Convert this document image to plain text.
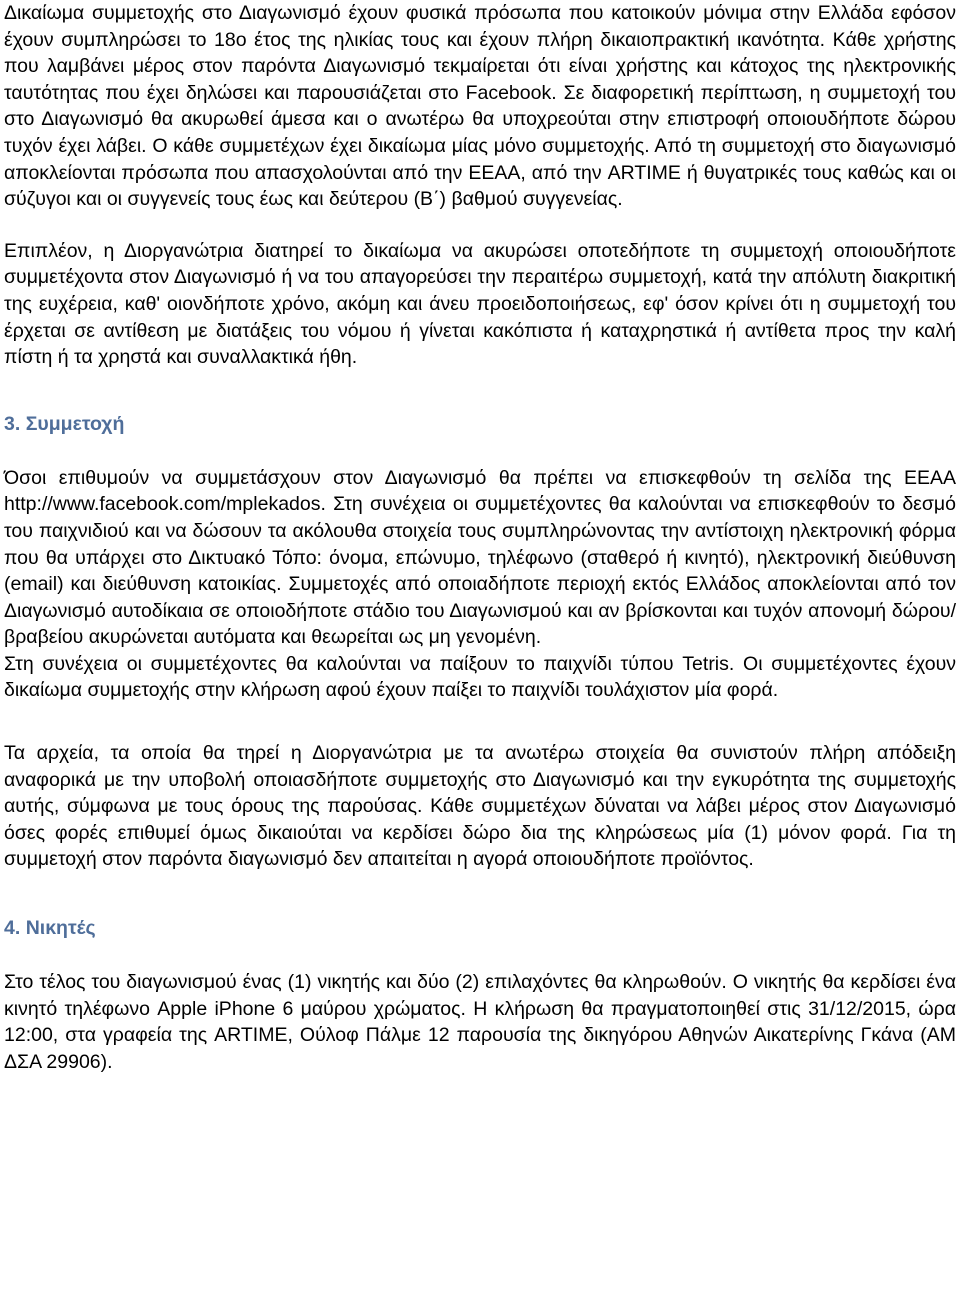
Δικαίωμα συμμετοχής στο Διαγωνισμό έχουν φυσικά πρόσωπα που κατοικούν μόνιμα στην Ελλάδα εφόσον έχουν συμπληρώσει το 18ο έτος της ηλικίας τους και έχουν πλήρη δικαιοπρακτική ικανότητα. Κάθε χρήστης που λαμβάνει μέρος στον παρόντα Διαγωνισμό τεκμαίρεται ότι είναι χρήστης και κάτοχος της ηλεκτρονικής ταυτότητας που έχει δηλώσει και παρουσιάζεται στο Facebook. Σε διαφορετική περίπτωση, η συμμετοχή του στο Διαγωνισμό θα ακυρωθεί άμεσα και ο ανωτέρω θα υποχρεούται στην επιστροφή οποιουδήποτε δώρου τυχόν έχει λάβει. Ο κάθε συμμετέχων έχει δικαίωμα μίας μόνο συμμετοχής. Από τη συμμετοχή στο διαγωνισμό αποκλείονται πρόσωπα που απασχολούνται από την ΕΕΑΑ, από την ARTIME ή θυγατρικές τους καθώς και οι σύζυγοι και οι συγγενείς τους έως και δεύτερου (Β΄) βαθμού συγγενείας.

Επιπλέον, η Διοργανώτρια διατηρεί το δικαίωμα να ακυρώσει οποτεδήποτε τη συμμετοχή οποιουδήποτε συμμετέχοντα στον Διαγωνισμό ή να του απαγορεύσει την περαιτέρω συμμετοχή, κατά την απόλυτη διακριτική της ευχέρεια, καθ' οιονδήποτε χρόνο, ακόμη και άνευ προειδοποιήσεως, εφ' όσον κρίνει ότι η συμμετοχή του έρχεται σε αντίθεση με διατάξεις του νόμου ή γίνεται κακόπιστα ή καταχρηστικά ή αντίθετα προς την καλή πίστη ή τα χρηστά και συναλλακτικά ήθη.

3. Συμμετοχή

Όσοι επιθυμούν να συμμετάσχουν στον Διαγωνισμό θα πρέπει να επισκεφθούν τη σελίδα της ΕΕΑΑ http://www.facebook.com/mplekados. Στη συνέχεια οι συμμετέχοντες θα καλούνται να επισκεφθούν το δεσμό του παιχνιδιού και να δώσουν τα ακόλουθα στοιχεία τους συμπληρώνοντας την αντίστοιχη ηλεκτρονική φόρμα που θα υπάρχει στο Δικτυακό Τόπο: όνομα, επώνυμο, τηλέφωνο (σταθερό ή κινητό), ηλεκτρονική διεύθυνση (email) και διεύθυνση κατοικίας. Συμμετοχές από οποιαδήποτε περιοχή εκτός Ελλάδος αποκλείονται από τον Διαγωνισμό αυτοδίκαια σε οποιοδήποτε στάδιο του Διαγωνισμού και αν βρίσκονται και τυχόν απονομή δώρου/βραβείου ακυρώνεται αυτόματα και θεωρείται ως μη γενομένη.

Στη συνέχεια οι συμμετέχοντες θα καλούνται να παίξουν το παιχνίδι τύπου Tetris. Οι συμμετέχοντες έχουν δικαίωμα συμμετοχής στην κλήρωση αφού έχουν παίξει το παιχνίδι τουλάχιστον μία φορά.

Τα αρχεία, τα οποία θα τηρεί η Διοργανώτρια με τα ανωτέρω στοιχεία θα συνιστούν πλήρη απόδειξη αναφορικά με την υποβολή οποιασδήποτε συμμετοχής στο Διαγωνισμό και την εγκυρότητα της συμμετοχής αυτής, σύμφωνα με τους όρους της παρούσας. Κάθε συμμετέχων δύναται να λάβει μέρος στον Διαγωνισμό όσες φορές επιθυμεί όμως δικαιούται να κερδίσει δώρο δια της κληρώσεως μία (1) μόνον φορά. Για τη συμμετοχή στον παρόντα διαγωνισμό δεν απαιτείται η αγορά οποιουδήποτε προϊόντος.

4. Νικητές

Στο τέλος του διαγωνισμού ένας (1) νικητής και δύο (2) επιλαχόντες θα κληρωθούν. Ο νικητής θα κερδίσει ένα κινητό τηλέφωνο Apple iPhone 6 μαύρου χρώματος. Η κλήρωση θα πραγματοποιηθεί στις 31/12/2015, ώρα 12:00, στα γραφεία της ARTIME, Ούλοφ Πάλμε 12 παρουσία της δικηγόρου Αθηνών Αικατερίνης Γκάνα (ΑΜ ΔΣΑ 29906).
